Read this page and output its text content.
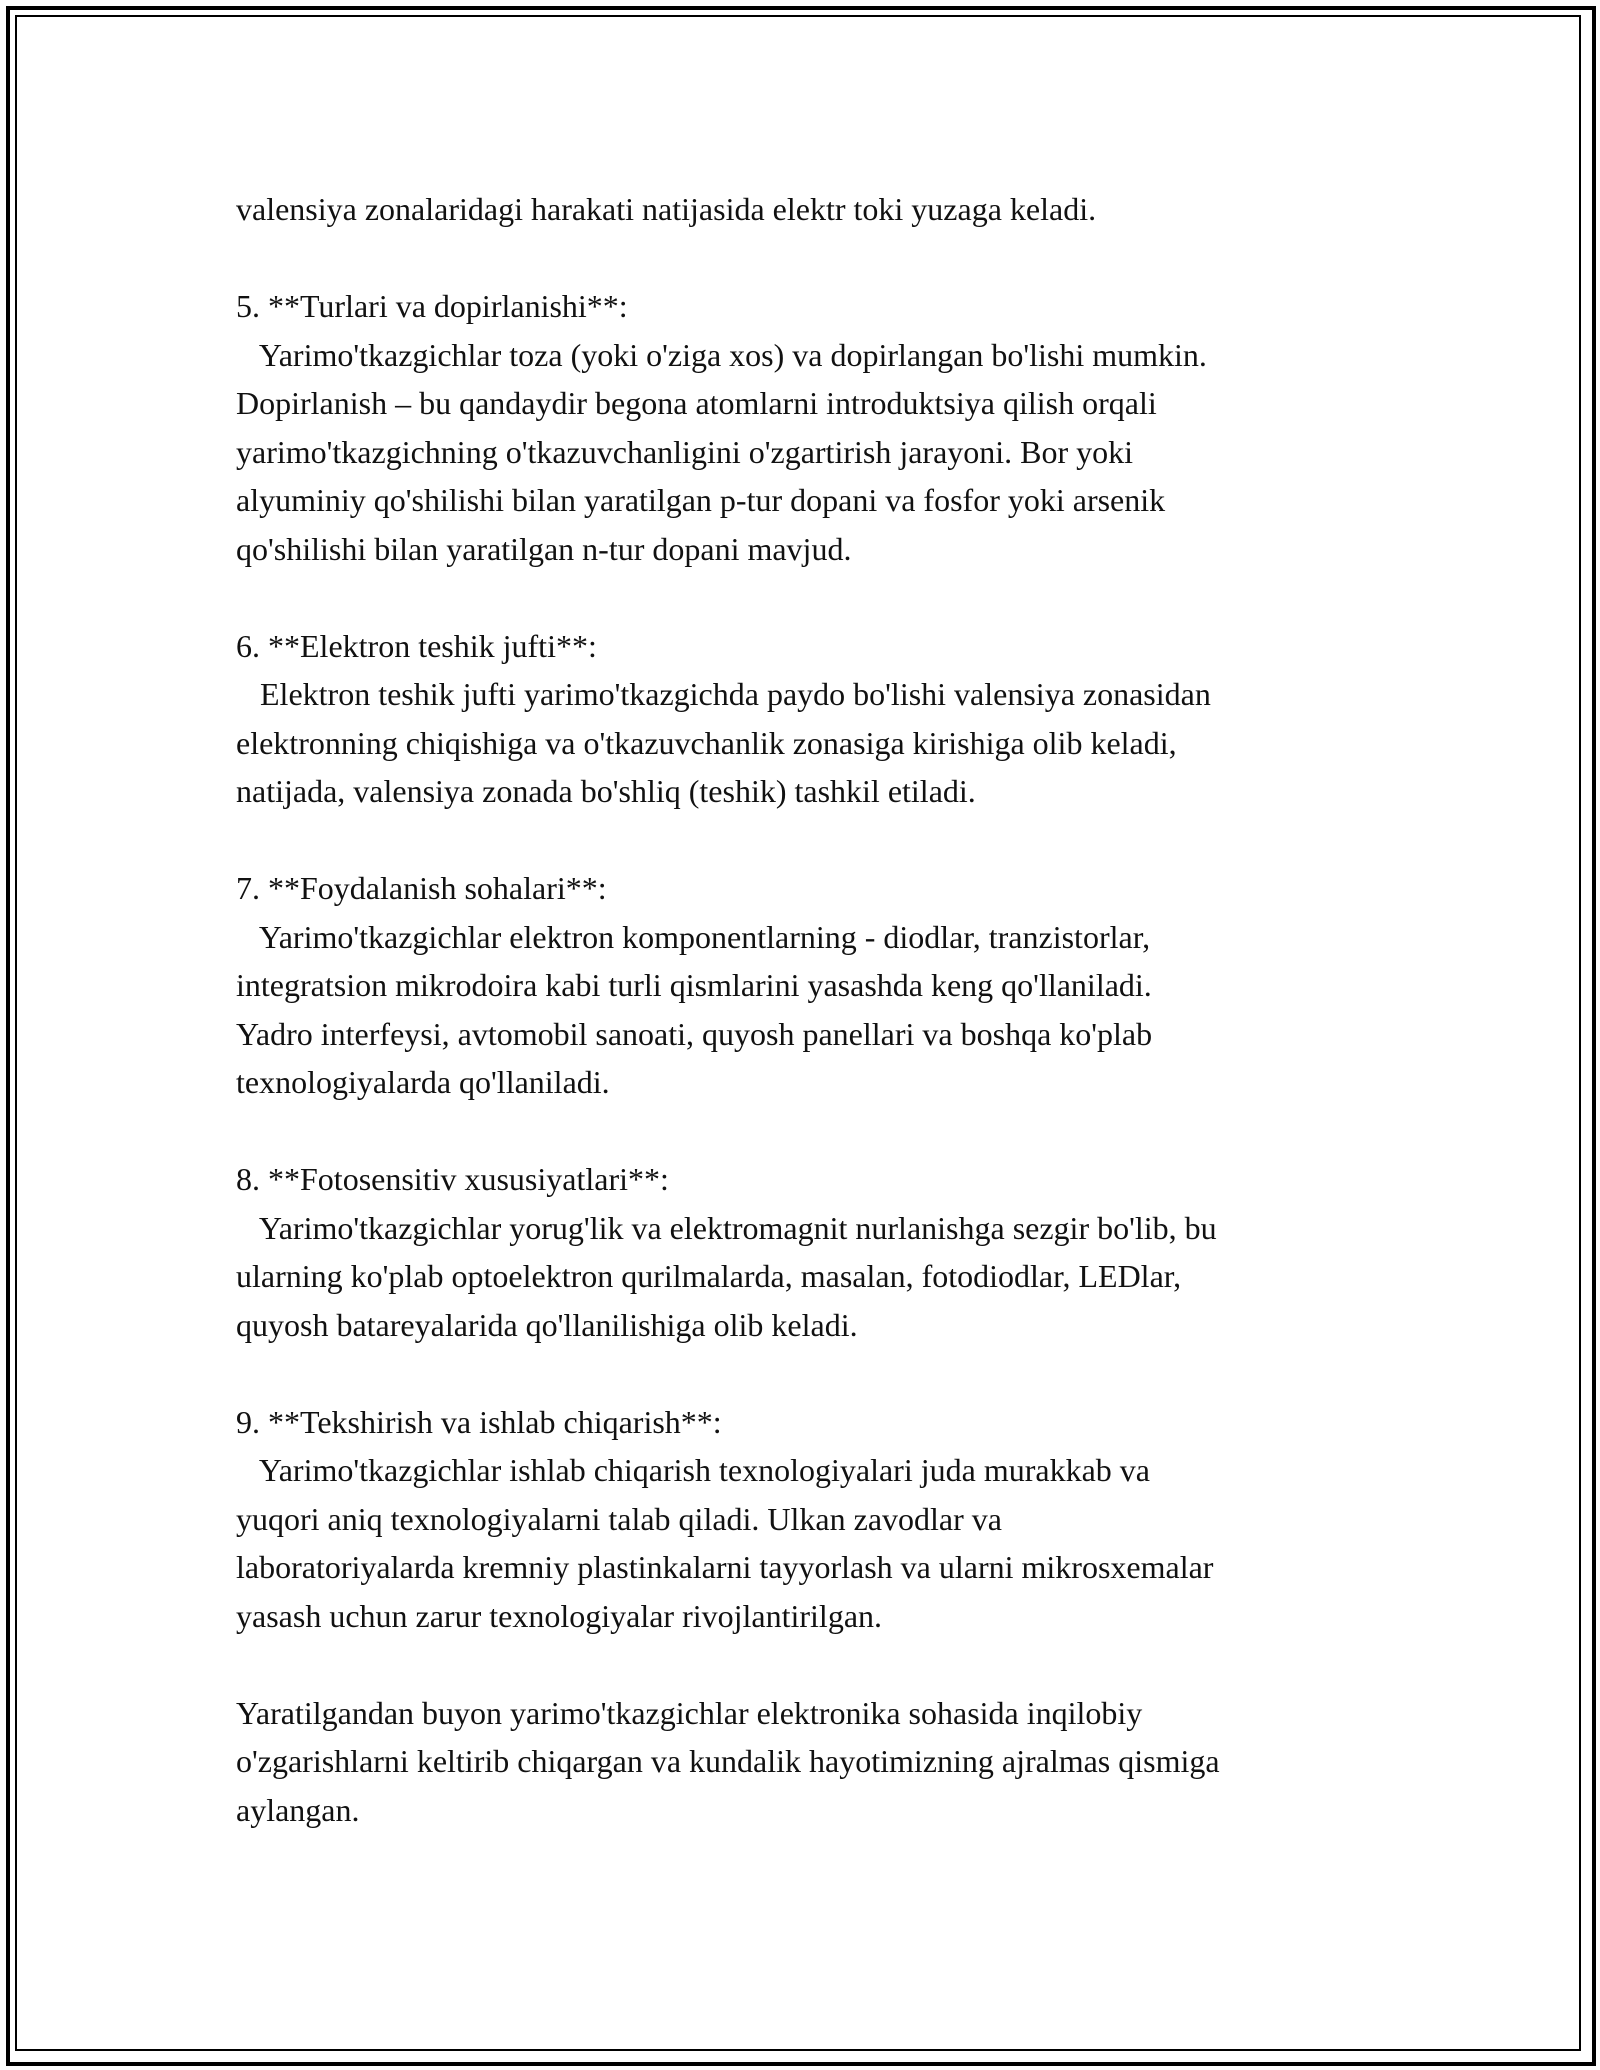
valensiya zonalaridagi harakati natijasida elektr toki yuzaga keladi.
5. **Turlari va dopirlanishi**:
Yarimo'tkazgichlar toza (yoki o'ziga xos) va dopirlangan bo'lishi mumkin.
Dopirlanish – bu qandaydir begona atomlarni introduktsiya qilish orqali
yarimo'tkazgichning o'tkazuvchanligini o'zgartirish jarayoni. Bor yoki
alyuminiy qo'shilishi bilan yaratilgan p-tur dopani va fosfor yoki arsenik
qo'shilishi bilan yaratilgan n-tur dopani mavjud.
6. **Elektron teshik jufti**:
Elektron teshik jufti yarimo'tkazgichda paydo bo'lishi valensiya zonasidan
elektronning chiqishiga va o'tkazuvchanlik zonasiga kirishiga olib keladi,
natijada, valensiya zonada bo'shliq (teshik) tashkil etiladi.
7. **Foydalanish sohalari**:
Yarimo'tkazgichlar elektron komponentlarning - diodlar, tranzistorlar,
integratsion mikrodoira kabi turli qismlarini yasashda keng qo'llaniladi.
Yadro interfeysi, avtomobil sanoati, quyosh panellari va boshqa ko'plab
texnologiyalarda qo'llaniladi.
8. **Fotosensitiv xususiyatlari**:
Yarimo'tkazgichlar yorug'lik va elektromagnit nurlanishga sezgir bo'lib, bu
ularning ko'plab optoelektron qurilmalarda, masalan, fotodiodlar, LEDlar,
quyosh batareyalarida qo'llanilishiga olib keladi.
9. **Tekshirish va ishlab chiqarish**:
Yarimo'tkazgichlar ishlab chiqarish texnologiyalari juda murakkab va
yuqori aniq texnologiyalarni talab qiladi. Ulkan zavodlar va
laboratoriyalarda kremniy plastinkalarni tayyorlash va ularni mikrosxemalar
yasash uchun zarur texnologiyalar rivojlantirilgan.
Yaratilgandan buyon yarimo'tkazgichlar elektronika sohasida inqilobiy
o'zgarishlarni keltirib chiqargan va kundalik hayotimizning ajralmas qismiga
aylangan.
